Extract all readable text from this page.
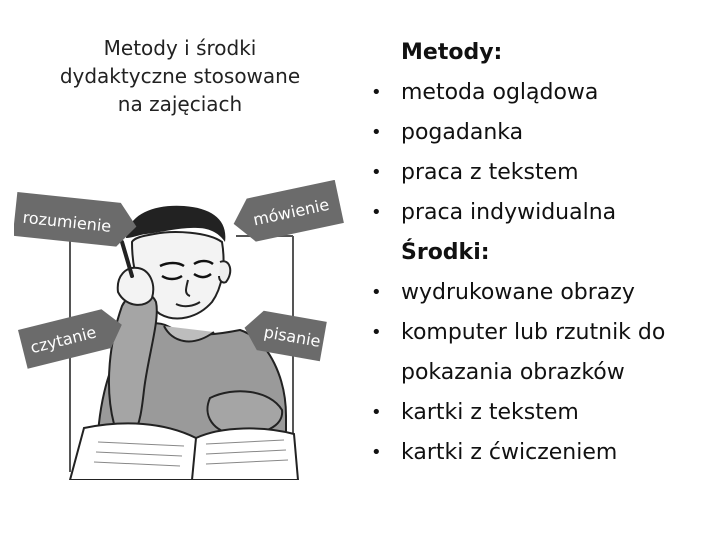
Metody i środki
dydaktyczne stosowane
na zajęciach
rozumienie	mówienie
czytanie	pisanie
Metody:
• metoda oglądowa
• pogadanka
• praca z tekstem
• praca indywidualna
Środki:
• wydrukowane obrazy
• komputer lub rzutnik do
pokazania obrazków
• kartki z tekstem
• kartki z ćwiczeniem
